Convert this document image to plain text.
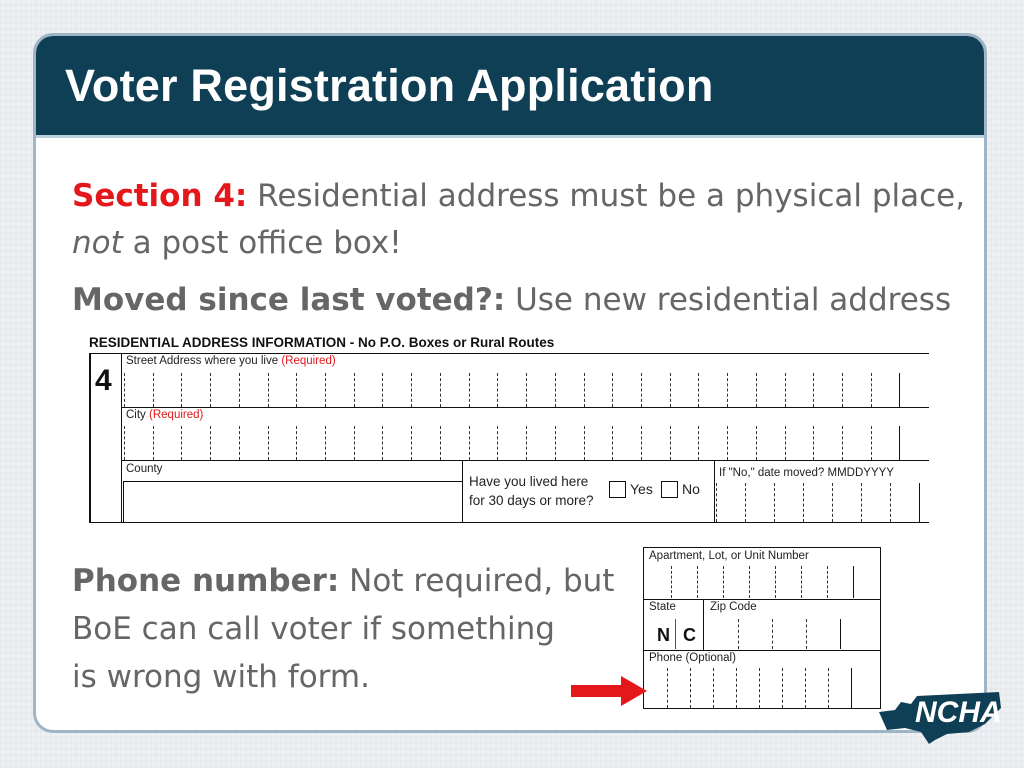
Voter Registration Application
Section 4: Residential address must be a physical place,
not a post office box!
Moved since last voted?: Use new residential address
Phone number: Not required, but
BoE can call voter if something
is wrong with form.
RESIDENTIAL ADDRESS INFORMATION - No P.O. Boxes or Rural Routes
4
Street Address where you live (Required)
City (Required)
County
Have you lived here
for 30 days or more?
Yes No
If "No," date moved? MMDDYYYY
Apartment, Lot, or Unit Number
State
N C
Zip Code
Phone (Optional)
NCHA
